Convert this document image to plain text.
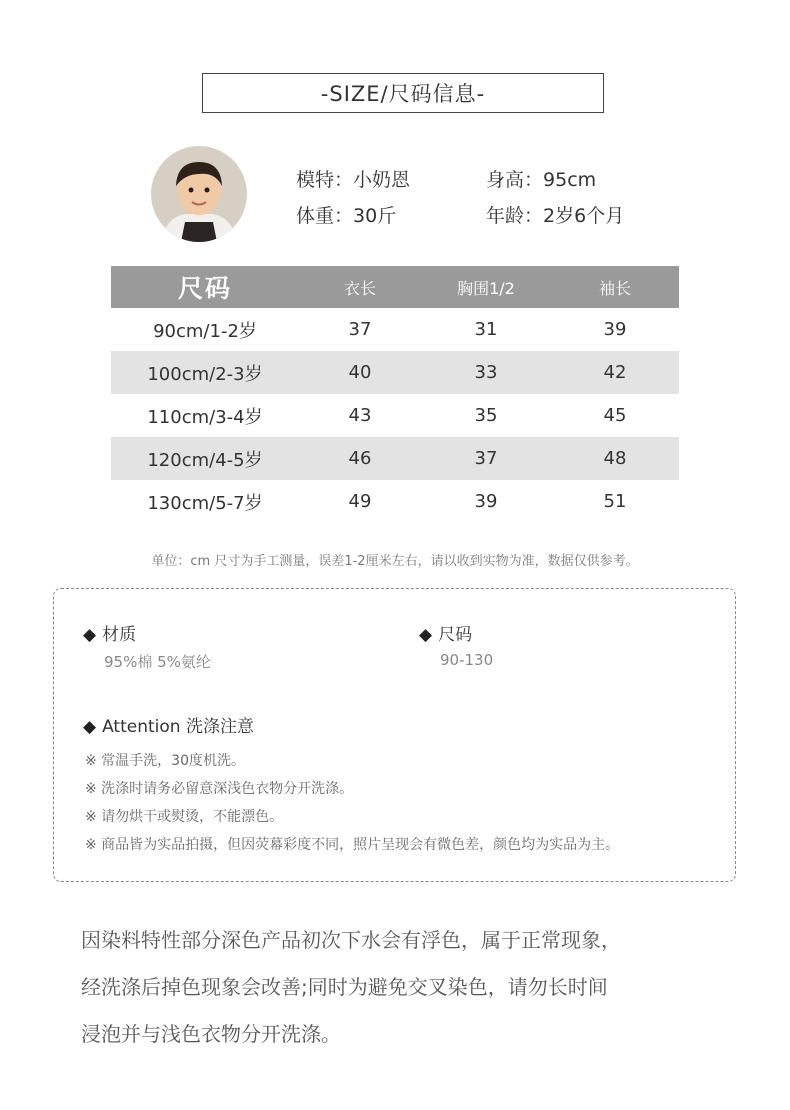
-SIZE/尺码信息-
模特：小奶恩	身高：95cm
体重：30斤	年龄：2岁6个月
尺码	衣长	胸围1/2	袖长
90cm/1-2岁	37	31	39
100cm/2-3岁	40	33	42
110cm/3-4岁	43	35	45
120cm/4-5岁	46	37	48
130cm/5-7岁	49	39	51
单位：cm 尺寸为手工测量，误差1-2厘米左右，请以收到实物为准，数据仅供参考。
◆ 材质
95%棉 5%氨纶
◆ 尺码
90-130
◆ Attention 洗涤注意
※ 常温手洗，30度机洗。
※ 洗涤时请务必留意深浅色衣物分开洗涤。
※ 请勿烘干或熨烫，不能漂色。
※ 商品皆为实品拍摄，但因荧幕彩度不同，照片呈现会有微色差，颜色均为实品为主。
因染料特性部分深色产品初次下水会有浮色，属于正常现象，
经洗涤后掉色现象会改善;同时为避免交叉染色，请勿长时间
浸泡并与浅色衣物分开洗涤。
